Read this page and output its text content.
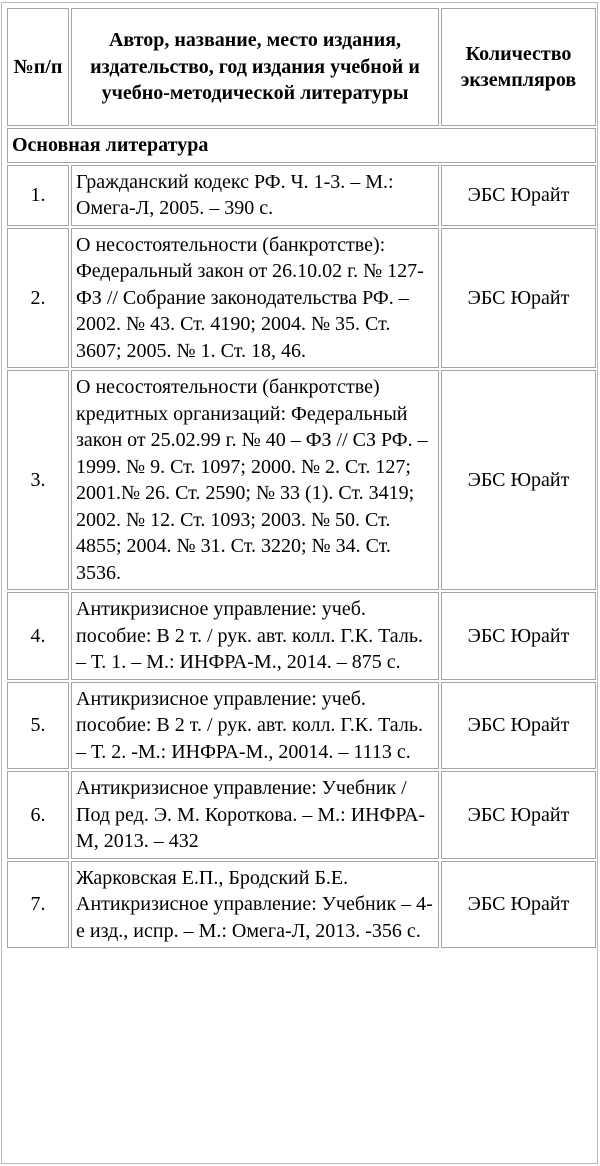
№п/п	Автор, название, место издания, издательство, год издания учебной и учебно-методической литературы	Количество экземпляров
Основная литература		
1.	Гражданский кодекс РФ. Ч. 1-3. – М.: Омега-Л, 2005. – 390 с.	ЭБС Юрайт
2.	О несостоятельности (банкротстве): Федеральный закон от 26.10.02 г. № 127-ФЗ // Собрание законодательства РФ. – 2002. № 43. Ст. 4190; 2004. № 35. Ст. 3607; 2005. № 1. Ст. 18, 46.	ЭБС Юрайт
3.	О несостоятельности (банкротстве) кредитных организаций: Федеральный закон от 25.02.99 г. № 40 – ФЗ // СЗ РФ. – 1999. № 9. Ст. 1097; 2000. № 2. Ст. 127; 2001.№ 26. Ст. 2590; № 33 (1). Ст. 3419; 2002. № 12. Ст. 1093; 2003. № 50. Ст. 4855; 2004. № 31. Ст. 3220; № 34. Ст. 3536.	ЭБС Юрайт
4.	Антикризисное управление: учеб. пособие: В 2 т. / рук. авт. колл. Г.К. Таль. – Т. 1. – М.: ИНФРА-М., 2014. – 875 с.	ЭБС Юрайт
5.	Антикризисное управление: учеб. пособие: В 2 т. / рук. авт. колл. Г.К. Таль. – Т. 2. -М.: ИНФРА-М., 20014. – 1113 с.	ЭБС Юрайт
6.	Антикризисное управление: Учебник / Под ред. Э. М. Короткова. – М.: ИНФРА-М, 2013. – 432	ЭБС Юрайт
7.	Жарковская Е.П., Бродский Б.Е. Антикризисное управление: Учебник – 4-е изд., испр. – М.: Омега-Л, 2013. -356 с.	ЭБС Юрайт
